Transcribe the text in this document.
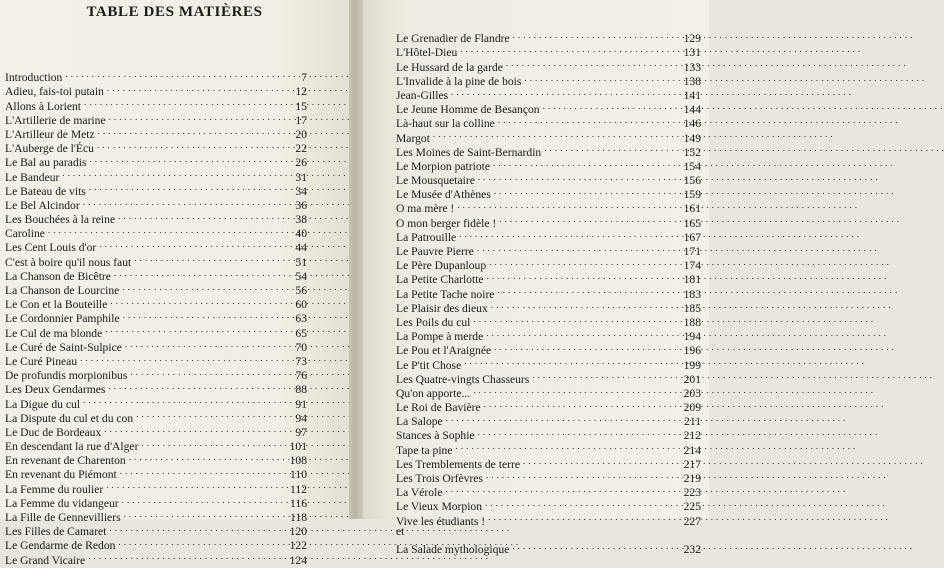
TABLE DES MATIÈRES
Introduction . . .	7
Adieu, fais-toi putain . . .	12
Allons à Lorient . . .	15
L'Artillerie de marine . . .	17
L'Artilleur de Metz . . .	20
L'Auberge de l'Écu . . .	22
Le Bal au paradis . . .	26
Le Bandeur . . .	31
Le Bateau de vits . . .	34
Le Bel Alcindor . . .	36
Les Bouchées à la reine . . .	38
Caroline . . .	40
Les Cent Louis d'or . . .	44
C'est à boire qu'il nous faut . . .	51
La Chanson de Bicêtre . . .	54
La Chanson de Lourcine . . .	56
Le Con et la Bouteille . . .	60
Le Cordonnier Pamphile . . .	63
Le Cul de ma blonde . . .	65
Le Curé de Saint-Sulpice . . .	70
Le Curé Pineau . . .	73
De profundis morpionibus . . .	76
Les Deux Gendarmes . . .	88
La Digue du cul . . .	91
La Dispute du cul et du con . . .	94
Le Duc de Bordeaux . . .	97
En descendant la rue d'Alger . . .	101
En revenant de Charenton . . .	108
En revenant du Piémont . . .	110
La Femme du roulier . . .	112
La Femme du vidangeur . . .	116
La Fille de Gennevilliers . . .	118
Les Filles de Camaret . . .	120
Le Gendarme de Redon . . .	122
Le Grand Vicaire . . .	124
Le Grenadier de Flandre . . .	129
L'Hôtel-Dieu . . .	131
Le Hussard de la garde . . .	133
L'Invalide à la pine de bois . . .	138
Jean-Gilles . . .	141
Le Jeune Homme de Besançon . . .	144
Là-haut sur la colline . . .	146
Margot . . .	149
Les Moines de Saint-Bernardin . . .	152
Le Morpion patriote . . .	154
Le Mousquetaire . . .	156
Le Musée d'Athènes . . .	159
O ma mère ! . . .	161
O mon berger fidèle ! . . .	165
La Patrouille . . .	167
Le Pauvre Pierre . . .	171
Le Père Dupanloup . . .	174
La Petite Charlotte . . .	181
La Petite Tache noire . . .	183
Le Plaisir des dieux . . .	185
Les Poils du cul . . .	188
La Pompe à merde . . .	194
Le Pou et l'Araignée . . .	196
Le P'tit Chose . . .	199
Les Quatre-vingts Chasseurs . . .	201
Qu'on apporte... . . .	203
Le Roi de Bavière . . .	209
La Salope . . .	211
Stances à Sophie . . .	212
Tape ta pine . . .	214
Les Tremblements de terre . . .	217
Les Trois Orfèvres . . .	219
La Vérole . . .	223
Le Vieux Morpion . . .	225
Vive les étudiants ! . . .	227
et
La Salade mythologique . . .	232
